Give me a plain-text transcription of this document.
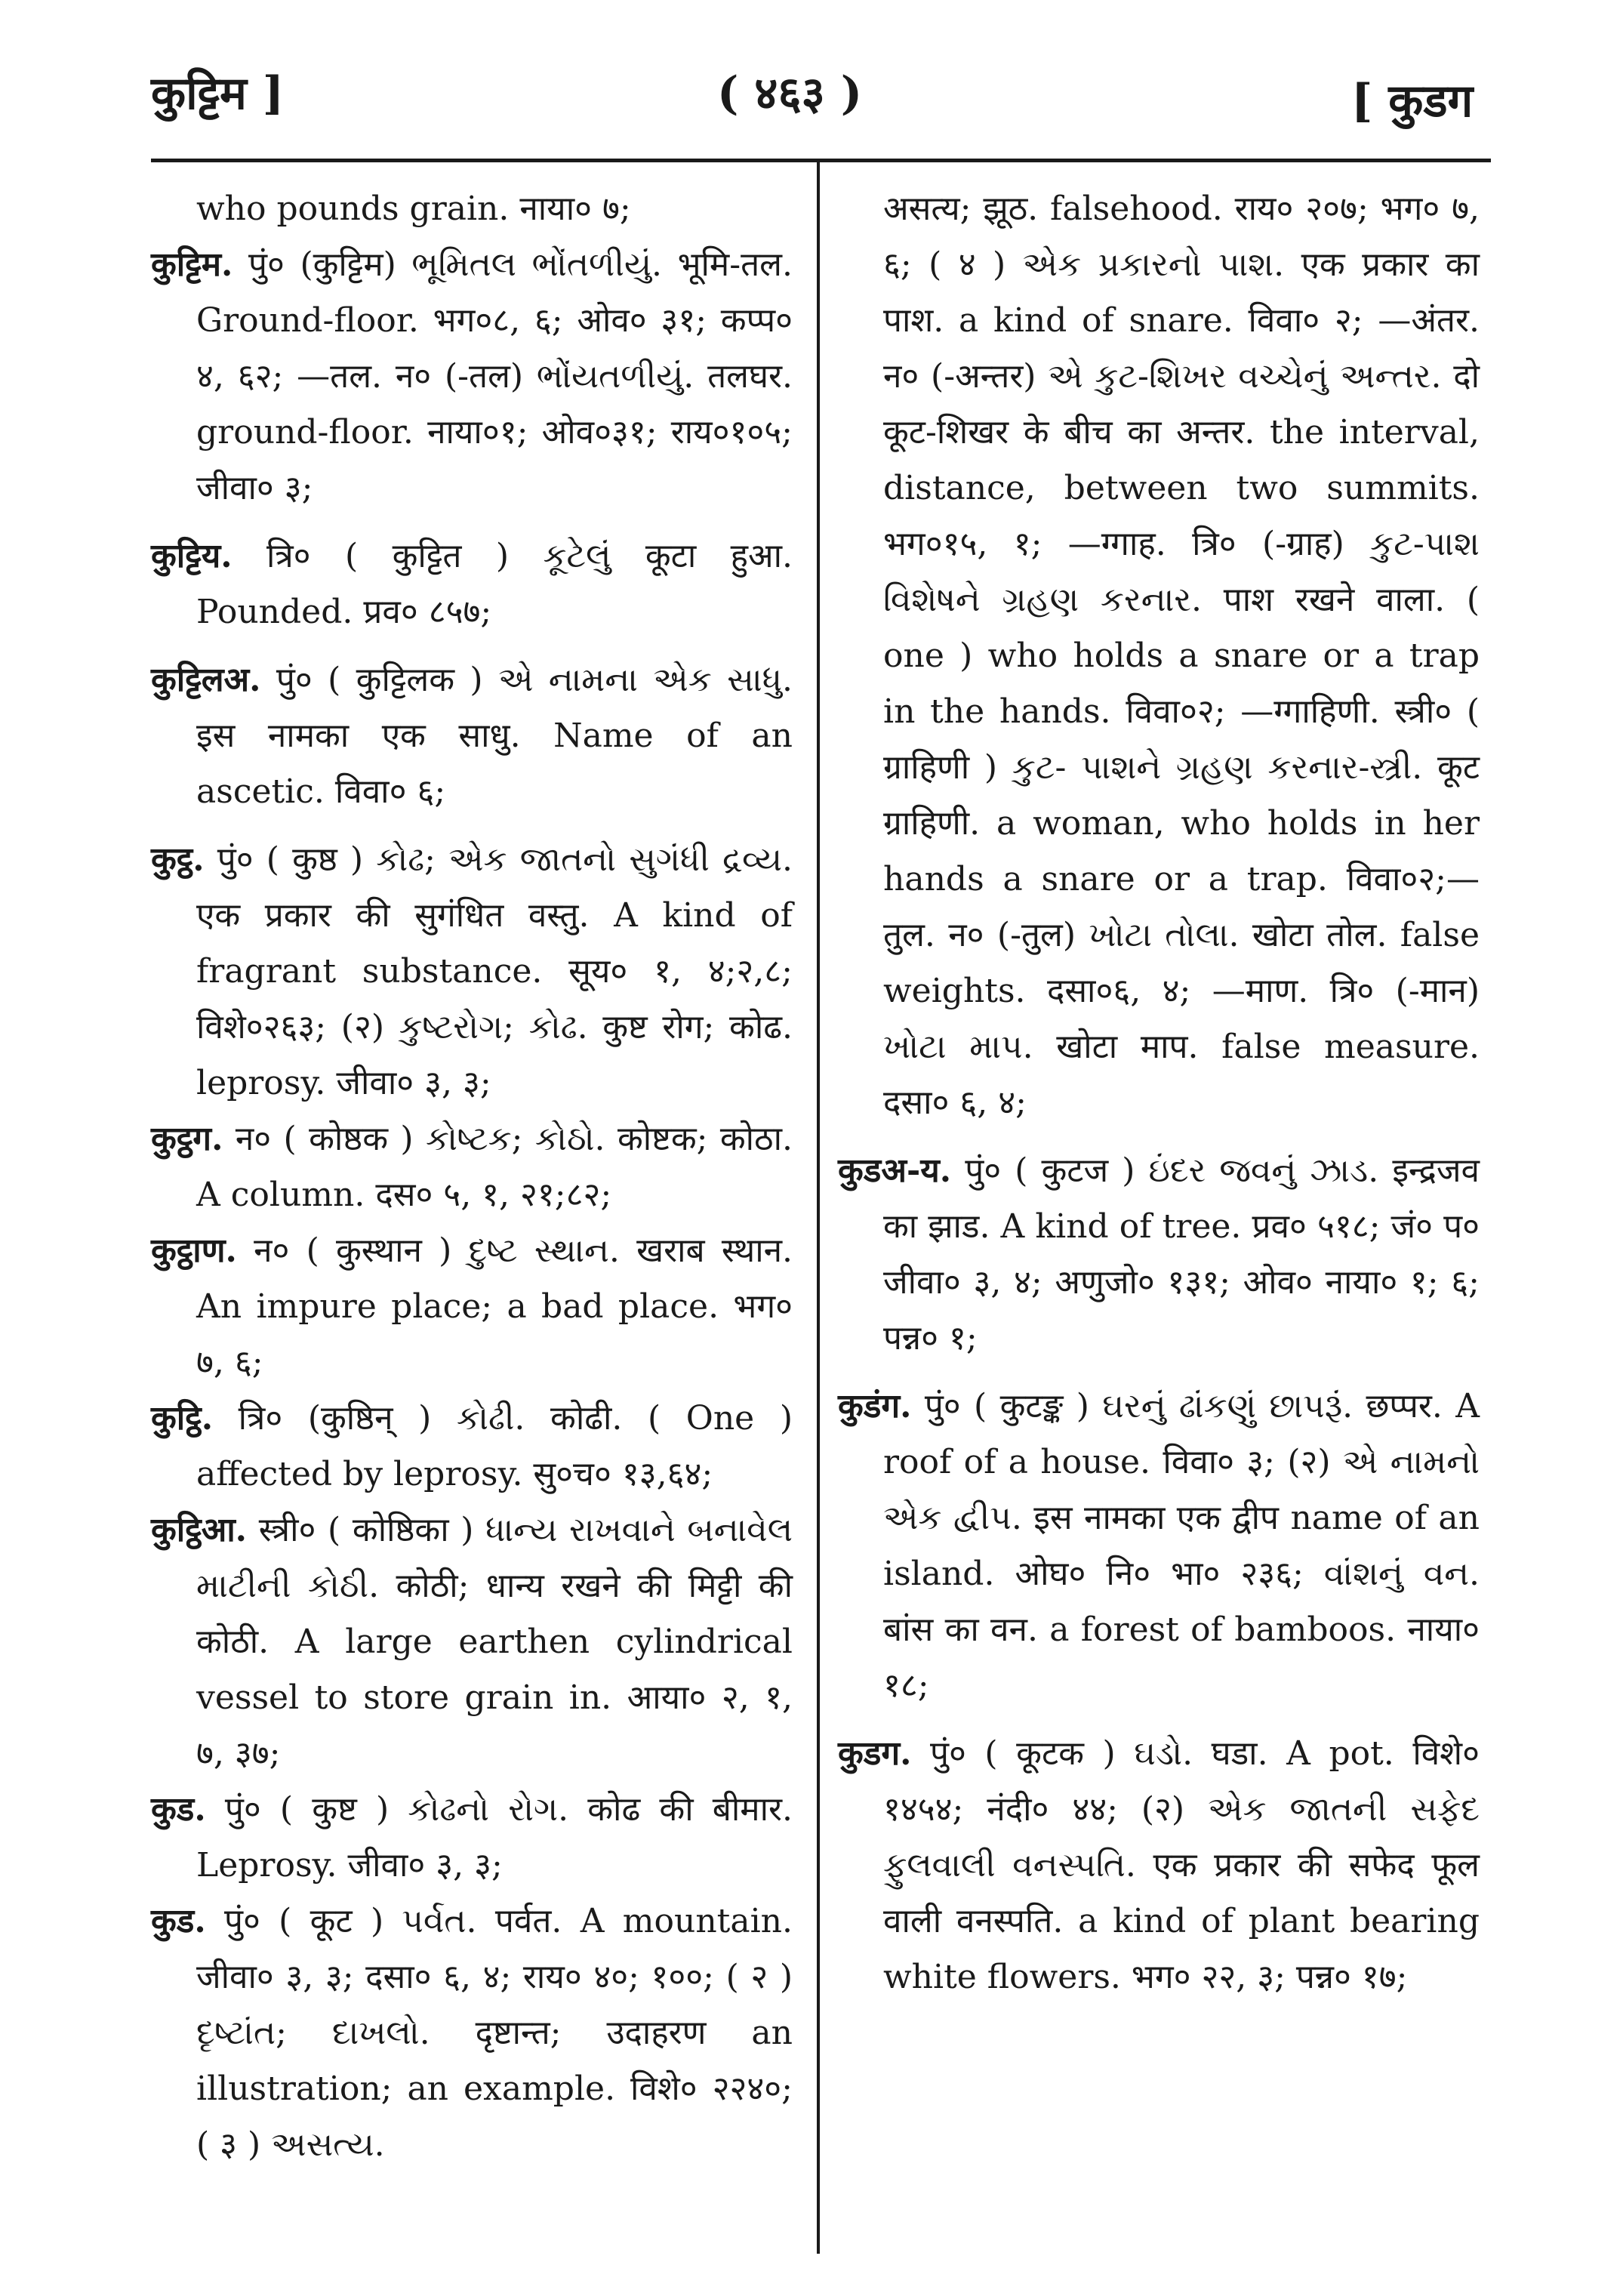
कुट्टिम ]	( ४६३ )	[ कुडग

who pounds grain. नाया० ७;

कुट्टिम. पुं० (कुट्टिम) ભૂમિતલ ભોંતળીયું. भूमि-तल. Ground-floor. भग०८, ६; ओव० ३१; कप्प० ४, ६२; —तल. न० (-तल) ભોંયતળીયું. तलघर. ground-floor. नाया०१; ओव०३१; राय०१०५; जीवा० ३;

कुट्टिय. त्रि० ( कुट्टित ) કૂટેલું कूटा हुआ. Pounded. प्रव० ८५७;

कुट्टिलअ. पुं० ( कुट्टिलक ) એ નામના એક સાધુ. इस नामका एक साधु. Name of an ascetic. विवा० ६;

कुट्ठ. पुं० ( कुष्ठ ) કોઢ; એક જાતનો સુગંધી દ્રવ્ય. एक प्रकार की सुगंधित वस्तु. A kind of fragrant substance. सूय० १, ४;२,८; विशे०२६३; (२) કુષ્ટરોગ; કોઢ. कुष्ट रोग; कोढ. leprosy. जीवा० ३, ३;

कुट्ठग. न० ( कोष्ठक ) કોષ્ટક; કોઠો. कोष्टक; कोठा. A column. दस० ५, १, २१;८२;

कुट्ठाण. न० ( कुस्थान ) દુષ્ટ સ્થાન. खराब स्थान. An impure place; a bad place. भग० ७, ६;

कुट्ठि. त्रि० (कुष्ठिन् ) કોઢી. कोढी. ( One ) affected by leprosy. सु०च० १३,६४;

कुट्ठिआ. स्त्री० ( कोष्ठिका ) ધાન્ય રાખવાને બનાવેલ માટીની કોઠી. कोठी; धान्य रखने की मिट्टी की कोठी. A large earthen cylindrical vessel to store grain in. आया० २, १, ७, ३७;

कुड. पुं० ( कुष्ट ) કોઢનો રોગ. कोढ की बीमार. Leprosy. जीवा० ३, ३;

कुड. पुं० ( कूट ) પર્વત. पर्वत. A mountain. जीवा० ३, ३; दसा० ६, ४; राय० ४०; १००; ( २ ) દૃષ્ટાંત; દાખલો. दृष्टान्त; उदाहरण an illustration; an example. विशे० २२४०; ( ३ ) અસત્ય.

असत्य; झूठ. falsehood. राय० २०७; भग० ७, ६; ( ४ ) એક પ્રકારનો પાશ. एक प्रकार का पाश. a kind of snare. विवा० २; —अंतर. न० (-अन्तर) એ કુટ-શિખર વચ્ચેનું અન્તર. दो कूट-शिखर के बीच का अन्तर. the interval, distance, between two summits. भग०१५, १; —ग्गाह. त्रि० (-ग्राह) કુટ-પાશ વિશેષને ગ્રહણ કરનાર. पाश रखने वाला. ( one ) who holds a snare or a trap in the hands. विवा०२; —ग्गाहिणी. स्त्री० ( ग्राहिणी ) કુટ- પાશને ગ્રહણ કરનાર-સ્ત્રી. कूट ग्राहिणी. a woman, who holds in her hands a snare or a trap. विवा०२;—तुल. न० (-तुल) ખોટા તોલા. खोटा तोल. false weights. दसा०६, ४; —माण. त्रि० (-मान) ખોટા માપ. खोटा माप. false measure. दसा० ६, ४;

कुडअ-य. पुं० ( कुटज ) ઇંદર જવનું ઝાડ. इन्द्रजव का झाड. A kind of tree. प्रव० ५१८; जं० प० जीवा० ३, ४; अणुजो० १३१; ओव० नाया० १; ६; पन्न० १;

कुडंग. पुं० ( कुटङ्क ) ઘરનું ઢાંકણું છાપરૂં. छप्पर. A roof of a house. विवा० ३; (२) એ નામનો એક દ્વીપ. इस नामका एक द्वीप name of an island. ओघ० नि० भा० २३६; વાંશનું વન. बांस का वन. a forest of bamboos. नाया० १८;

कुडग. पुं० ( कूटक ) ઘડો. घडा. A pot. विशे० १४५४; नंदी० ४४; (२) એક જાતની સફેદ ફુલવાલી વનસ્પતિ. एक प्रकार की सफेद फूल वाली वनस्पति. a kind of plant bearing white flowers. भग० २२, ३; पन्न० १७;
